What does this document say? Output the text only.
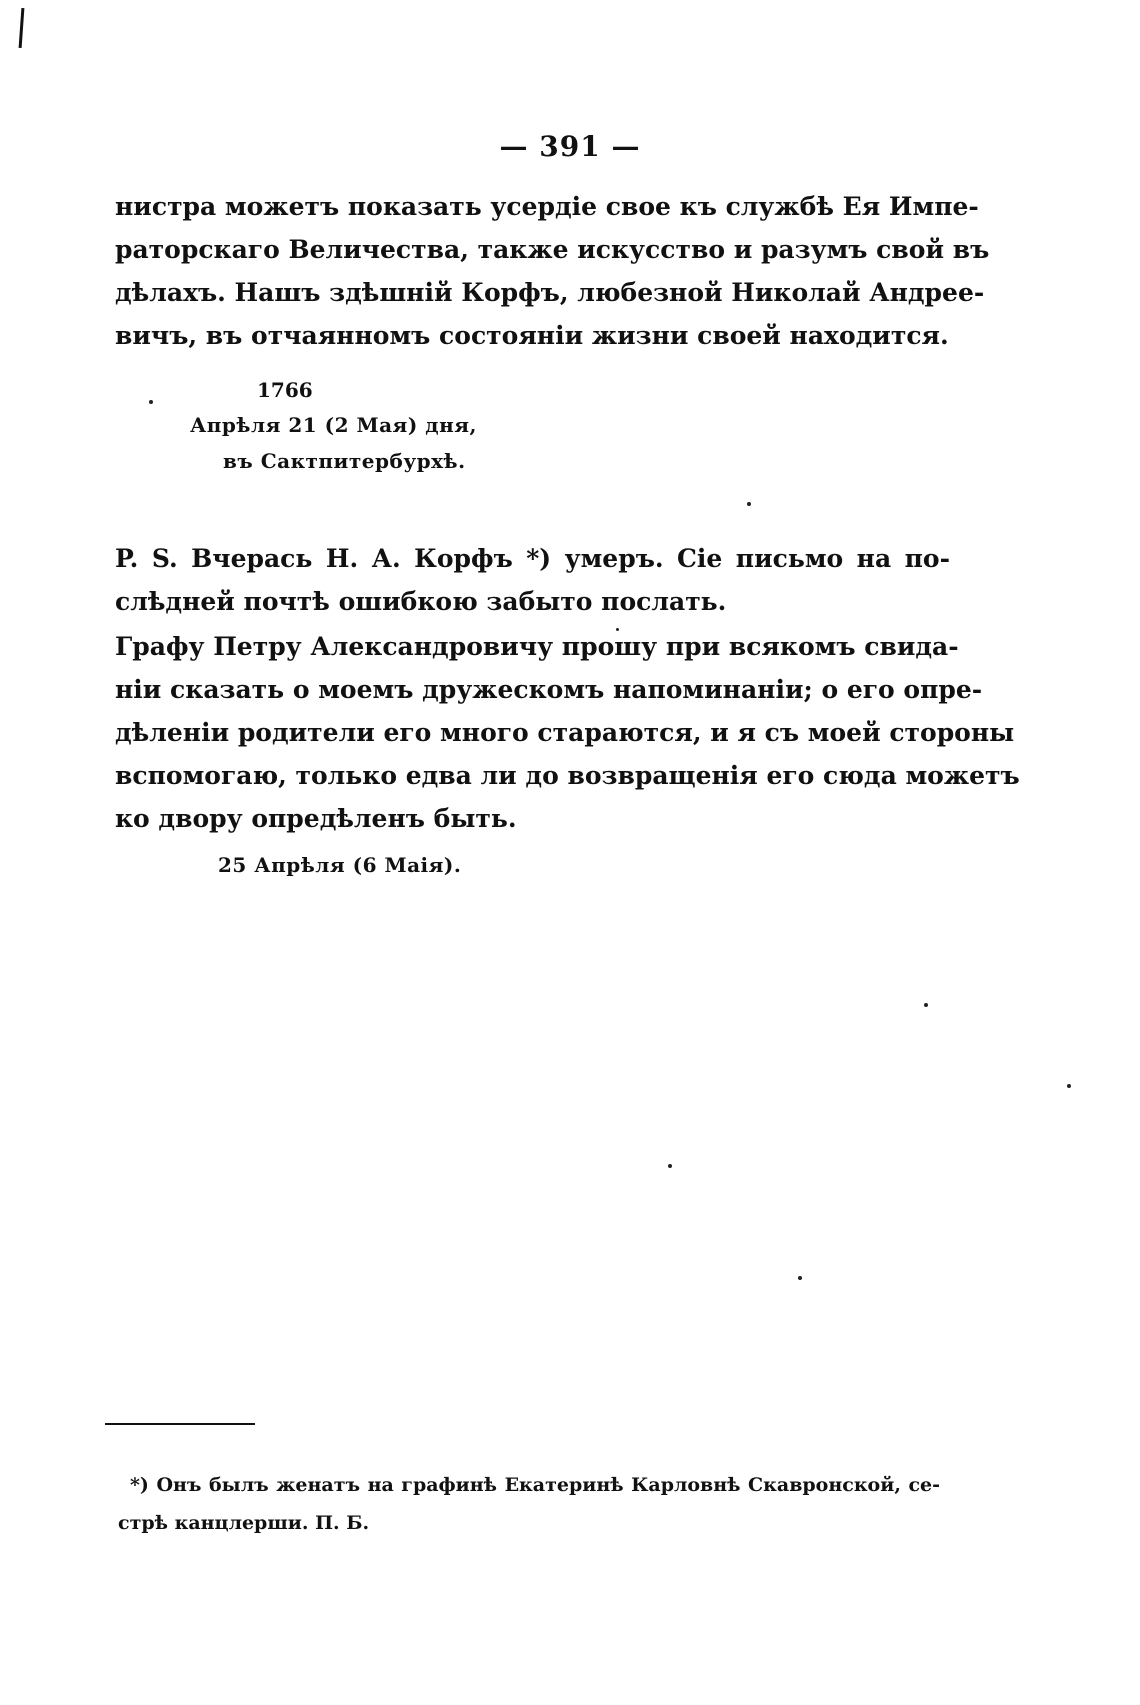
— 391 —

нистра можетъ показать усердіе свое къ службѣ Ея Импе-
раторскаго Величества, также искусство и разумъ свой въ
дѣлахъ. Нашъ здѣшній Корфъ, любезной Николай Андрее-
вичъ, въ отчаянномъ состояніи жизни своей находится.

1766
Апрѣля 21 (2 Мая) дня,
въ Сактпитербурхѣ.

P. S. Вчерась Н. А. Корфъ *) умеръ. Сіе письмо на по-
слѣдней почтѣ ошибкою забыто послать.

Графу Петру Александровичу прошу при всякомъ свида-
ніи сказать о моемъ дружескомъ напоминаніи; о его опре-
дѣленіи родители его много стараются, и я съ моей стороны
вспомогаю, только едва ли до возвращенія его сюда можетъ
ко двору опредѣленъ быть.

25 Апрѣля (6 Маія).

*) Онъ былъ женатъ на графинѣ Екатеринѣ Карловнѣ Скавронской, се-
стрѣ канцлерши. П. Б.
